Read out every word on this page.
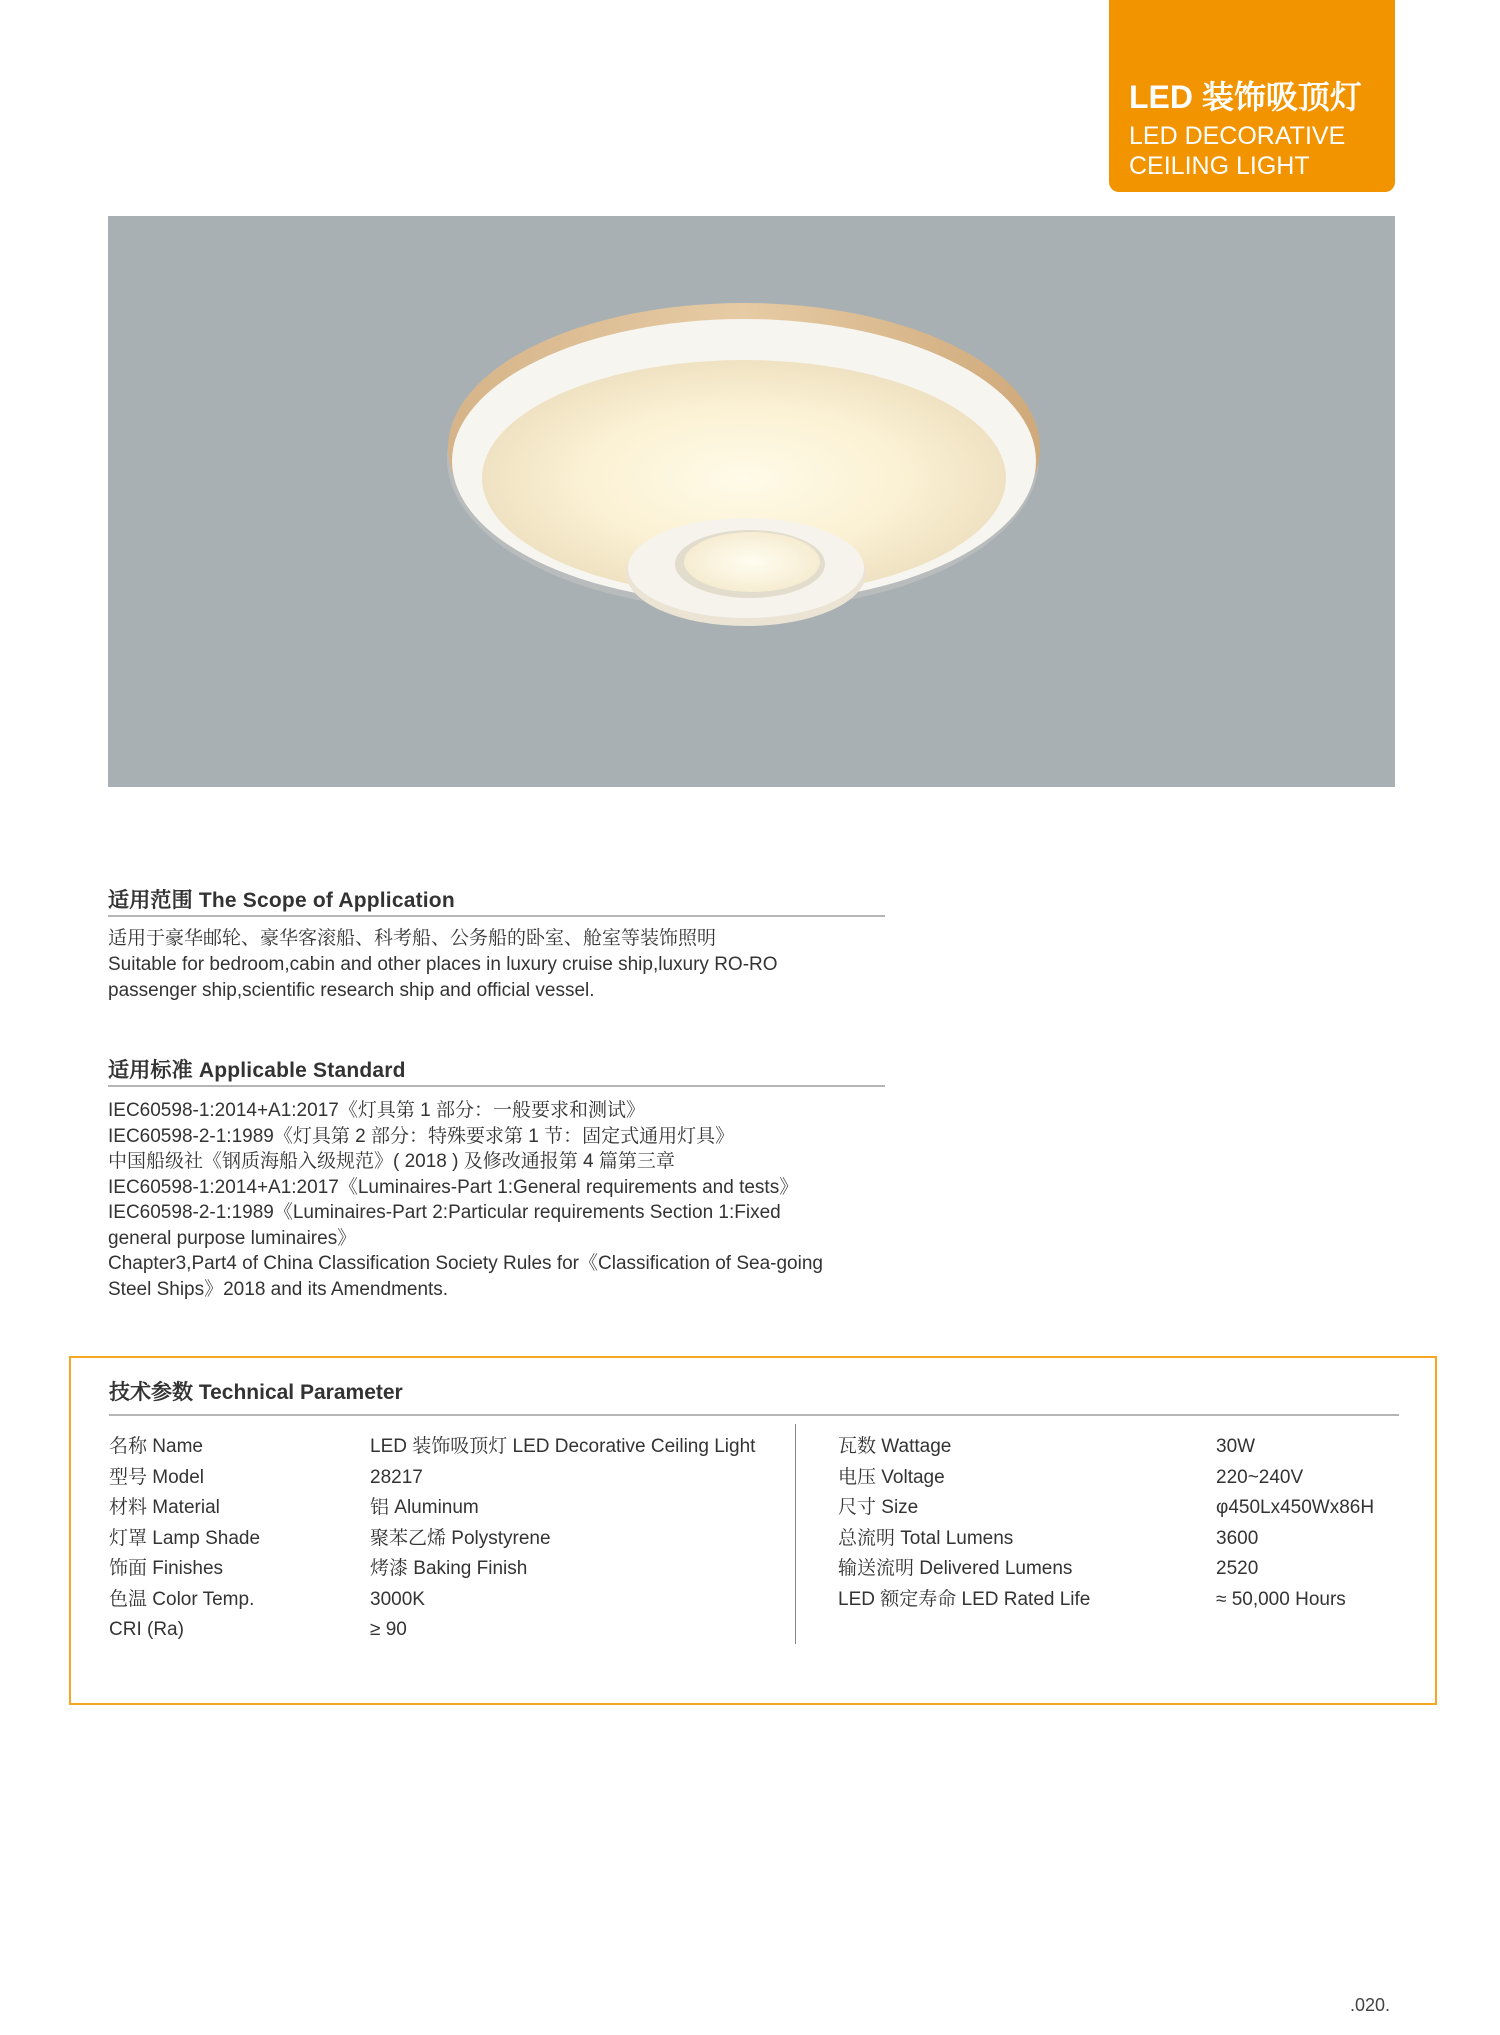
LED 装饰吸顶灯
LED DECORATIVE
CEILING LIGHT
适用范围 The Scope of Application
适用于豪华邮轮、豪华客滚船、科考船、公务船的卧室、舱室等装饰照明
Suitable for bedroom,cabin and other places in luxury cruise ship,luxury RO-RO
passenger ship,scientific research ship and official vessel.
适用标准 Applicable Standard
IEC60598-1:2014+A1:2017《灯具第 1 部分：一般要求和测试》
IEC60598-2-1:1989《灯具第 2 部分：特殊要求第 1 节：固定式通用灯具》
中国船级社《钢质海船入级规范》( 2018 ) 及修改通报第 4 篇第三章
IEC60598-1:2014+A1:2017《Luminaires-Part 1:General requirements and tests》
IEC60598-2-1:1989《Luminaires-Part 2:Particular requirements Section 1:Fixed
general purpose luminaires》
Chapter3,Part4 of China Classification Society Rules for《Classification of Sea-going
Steel Ships》2018 and its Amendments.
技术参数 Technical Parameter
名称 Name
型号 Model
材料 Material
灯罩 Lamp Shade
饰面 Finishes
色温 Color Temp.
CRI (Ra)
LED 装饰吸顶灯 LED Decorative Ceiling Light
28217
铝 Aluminum
聚苯乙烯 Polystyrene
烤漆 Baking Finish
3000K
≥ 90
瓦数 Wattage
电压 Voltage
尺寸 Size
总流明 Total Lumens
输送流明 Delivered Lumens
LED 额定寿命 LED Rated Life
30W
220~240V
φ450Lx450Wx86H
3600
2520
≈ 50,000 Hours
.020.
